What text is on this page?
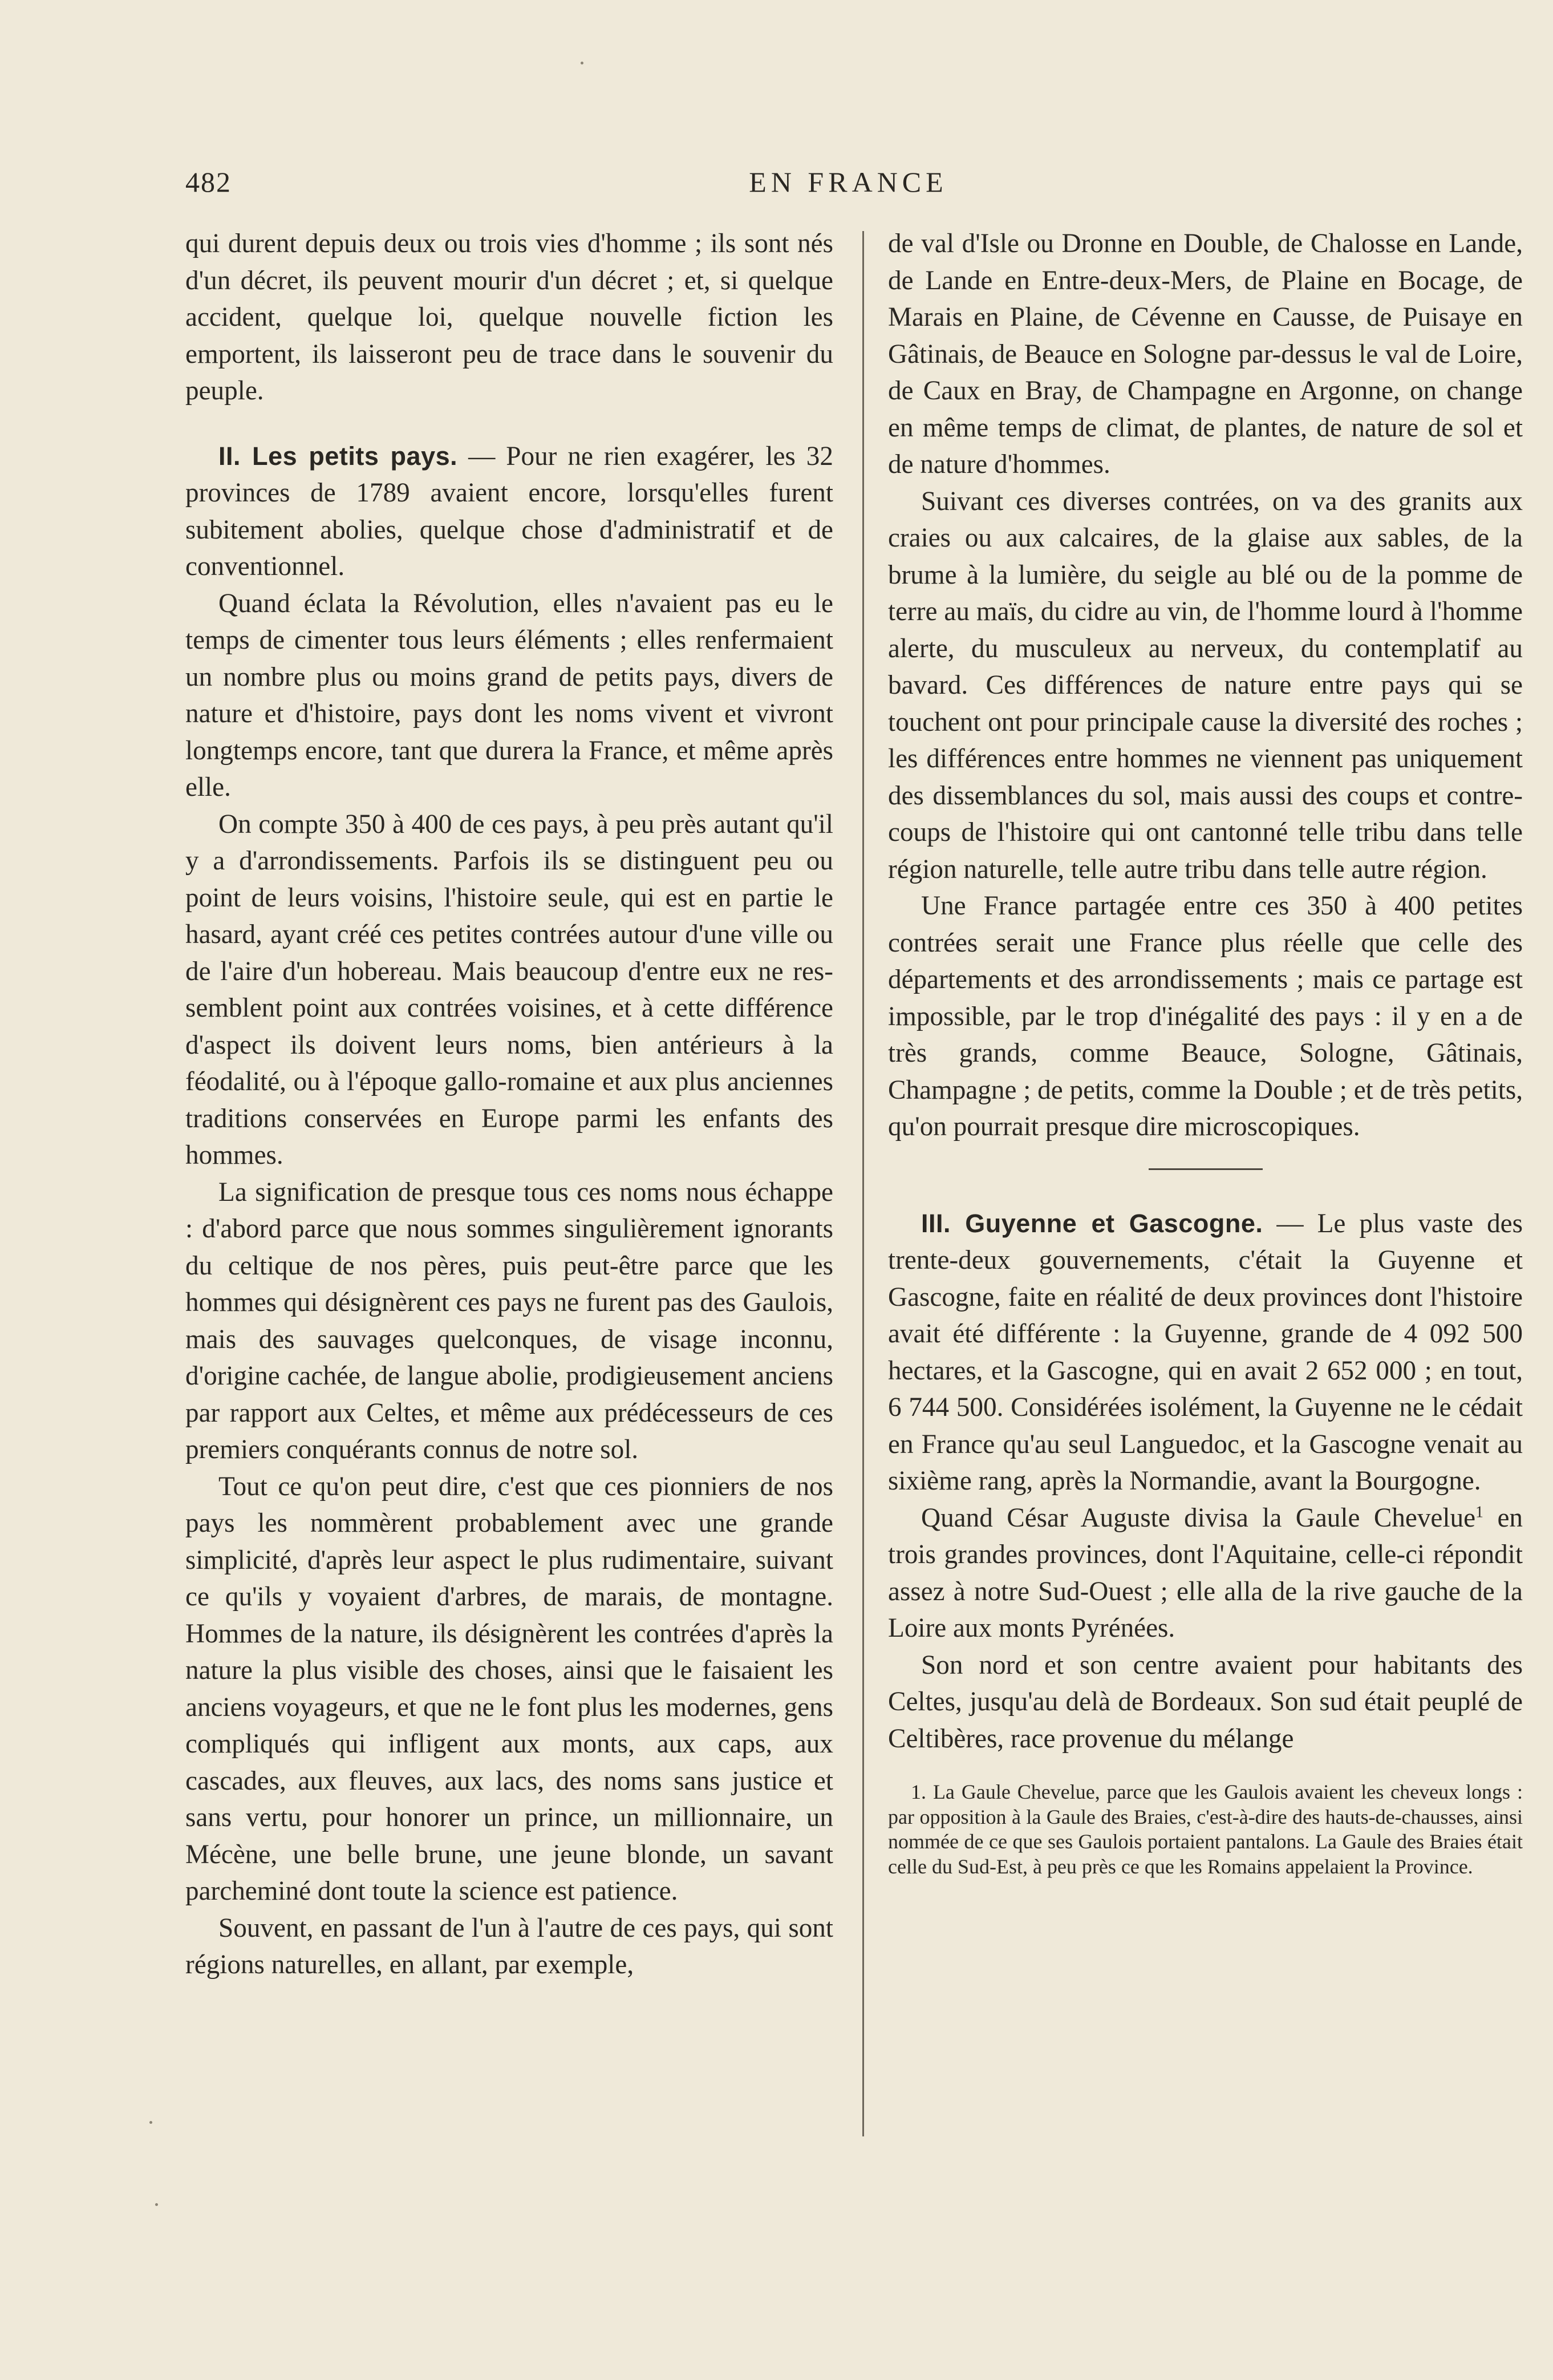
482	EN FRANCE

qui durent depuis deux ou trois vies d'homme ; ils sont nés d'un décret, ils peuvent mourir d'un décret ; et, si quelque accident, quelque loi, quelque nouvelle fiction les emportent, ils laisseront peu de trace dans le souvenir du peuple.

II. Les petits pays. — Pour ne rien exagérer, les 32 provinces de 1789 avaient encore, lorsqu'elles furent subitement abolies, quelque chose d'administratif et de conventionnel.

Quand éclata la Révolution, elles n'avaient pas eu le temps de cimenter tous leurs éléments ; elles renfermaient un nombre plus ou moins grand de petits pays, divers de nature et d'histoire, pays dont les noms vivent et vivront longtemps encore, tant que durera la France, et même après elle.

On compte 350 à 400 de ces pays, à peu près autant qu'il y a d'arrondissements. Parfois ils se distinguent peu ou point de leurs voisins, l'histoire seule, qui est en partie le hasard, ayant créé ces petites contrées autour d'une ville ou de l'aire d'un hobereau. Mais beaucoup d'entre eux ne ressemblent point aux contrées voisines, et à cette différence d'aspect ils doivent leurs noms, bien antérieurs à la féodalité, ou à l'époque gallo-romaine et aux plus anciennes traditions conservées en Europe parmi les enfants des hommes.

La signification de presque tous ces noms nous échappe : d'abord parce que nous sommes singulièrement ignorants du celtique de nos pères, puis peut-être parce que les hommes qui désignèrent ces pays ne furent pas des Gaulois, mais des sauvages quelconques, de visage inconnu, d'origine cachée, de langue abolie, prodigieusement anciens par rapport aux Celtes, et même aux prédécesseurs de ces premiers conquérants connus de notre sol.

Tout ce qu'on peut dire, c'est que ces pionniers de nos pays les nommèrent probablement avec une grande simplicité, d'après leur aspect le plus rudimentaire, suivant ce qu'ils y voyaient d'arbres, de marais, de montagne. Hommes de la nature, ils désignèrent les contrées d'après la nature la plus visible des choses, ainsi que le faisaient les anciens voyageurs, et que ne le font plus les modernes, gens compliqués qui infligent aux monts, aux caps, aux cascades, aux fleuves, aux lacs, des noms sans justice et sans vertu, pour honorer un prince, un millionnaire, un Mécène, une belle brune, une jeune blonde, un savant parcheminé dont toute la science est patience.

Souvent, en passant de l'un à l'autre de ces pays, qui sont régions naturelles, en allant, par exemple,

de val d'Isle ou Dronne en Double, de Chalosse en Lande, de Lande en Entre-deux-Mers, de Plaine en Bocage, de Marais en Plaine, de Cévenne en Causse, de Puisaye en Gâtinais, de Beauce en Sologne par-dessus le val de Loire, de Caux en Bray, de Champagne en Argonne, on change en même temps de climat, de plantes, de nature de sol et de nature d'hommes.

Suivant ces diverses contrées, on va des granits aux craies ou aux calcaires, de la glaise aux sables, de la brume à la lumière, du seigle au blé ou de la pomme de terre au maïs, du cidre au vin, de l'homme lourd à l'homme alerte, du musculeux au nerveux, du contemplatif au bavard. Ces différences de nature entre pays qui se touchent ont pour principale cause la diversité des roches ; les différences entre hommes ne viennent pas uniquement des dissemblances du sol, mais aussi des coups et contre-coups de l'histoire qui ont cantonné telle tribu dans telle région naturelle, telle autre tribu dans telle autre région.

Une France partagée entre ces 350 à 400 petites contrées serait une France plus réelle que celle des départements et des arrondissements ; mais ce partage est impossible, par le trop d'inégalité des pays : il y en a de très grands, comme Beauce, Sologne, Gâtinais, Champagne ; de petits, comme la Double ; et de très petits, qu'on pourrait presque dire microscopiques.

III. Guyenne et Gascogne. — Le plus vaste des trente-deux gouvernements, c'était la Guyenne et Gascogne, faite en réalité de deux provinces dont l'histoire avait été différente : la Guyenne, grande de 4 092 500 hectares, et la Gascogne, qui en avait 2 652 000 ; en tout, 6 744 500. Considérées isolément, la Guyenne ne le cédait en France qu'au seul Languedoc, et la Gascogne venait au sixième rang, après la Normandie, avant la Bourgogne.

Quand César Auguste divisa la Gaule Chevelue$^1$ en trois grandes provinces, dont l'Aquitaine, celle-ci répondit assez à notre Sud-Ouest ; elle alla de la rive gauche de la Loire aux monts Pyrénées.

Son nord et son centre avaient pour habitants des Celtes, jusqu'au delà de Bordeaux. Son sud était peuplé de Celtibères, race provenue du mélange

1. La Gaule Chevelue, parce que les Gaulois avaient les cheveux longs : par opposition à la Gaule des Braies, c'est-à-dire des hauts-de-chausses, ainsi nommée de ce que ses Gaulois portaient pantalons. La Gaule des Braies était celle du Sud-Est, à peu près ce que les Romains appelaient la Province.
